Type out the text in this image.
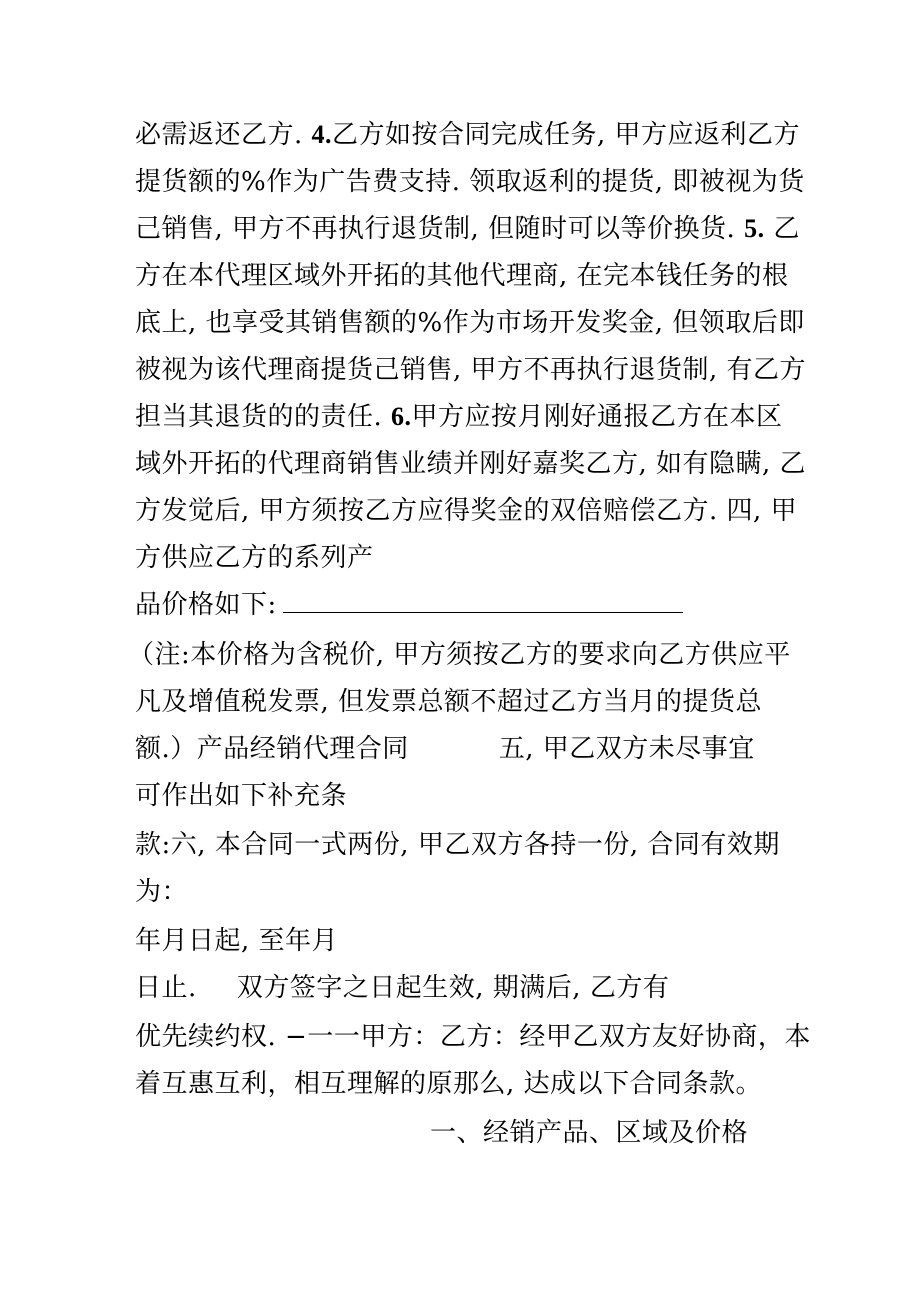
必需返还乙方. 4.乙方如按合同完成任务, 甲方应返利乙方
提货额的%作为广告费支持. 领取返利的提货, 即被视为货
己销售, 甲方不再执行退货制, 但随时可以等价换货. 5. 乙
方在本代理区域外开拓的其他代理商, 在完本钱任务的根
底上, 也享受其销售额的%作为市场开发奖金, 但领取后即
被视为该代理商提货己销售, 甲方不再执行退货制, 有乙方
担当其退货的的责任. 6.甲方应按月刚好通报乙方在本区
域外开拓的代理商销售业绩并刚好嘉奖乙方, 如有隐瞒, 乙
方发觉后, 甲方须按乙方应得奖金的双倍赔偿乙方. 四, 甲
方供应乙方的系列产
品价格如下:
（注:本价格为含税价, 甲方须按乙方的要求向乙方供应平
凡及增值税发票, 但发票总额不超过乙方当月的提货总
额.）产品经销代理合同	五, 甲乙双方未尽事宜
可作出如下补充条
款:六, 本合同一式两份, 甲乙双方各持一份, 合同有效期
为：
年月日起, 至年月
日止. 双方签字之日起生效, 期满后, 乙方有
优先续约权. −一一甲方：乙方：经甲乙双方友好协商，本
着互惠互利，相互理解的原那么, 达成以下合同条款。
一、经销产品、区域及价格
